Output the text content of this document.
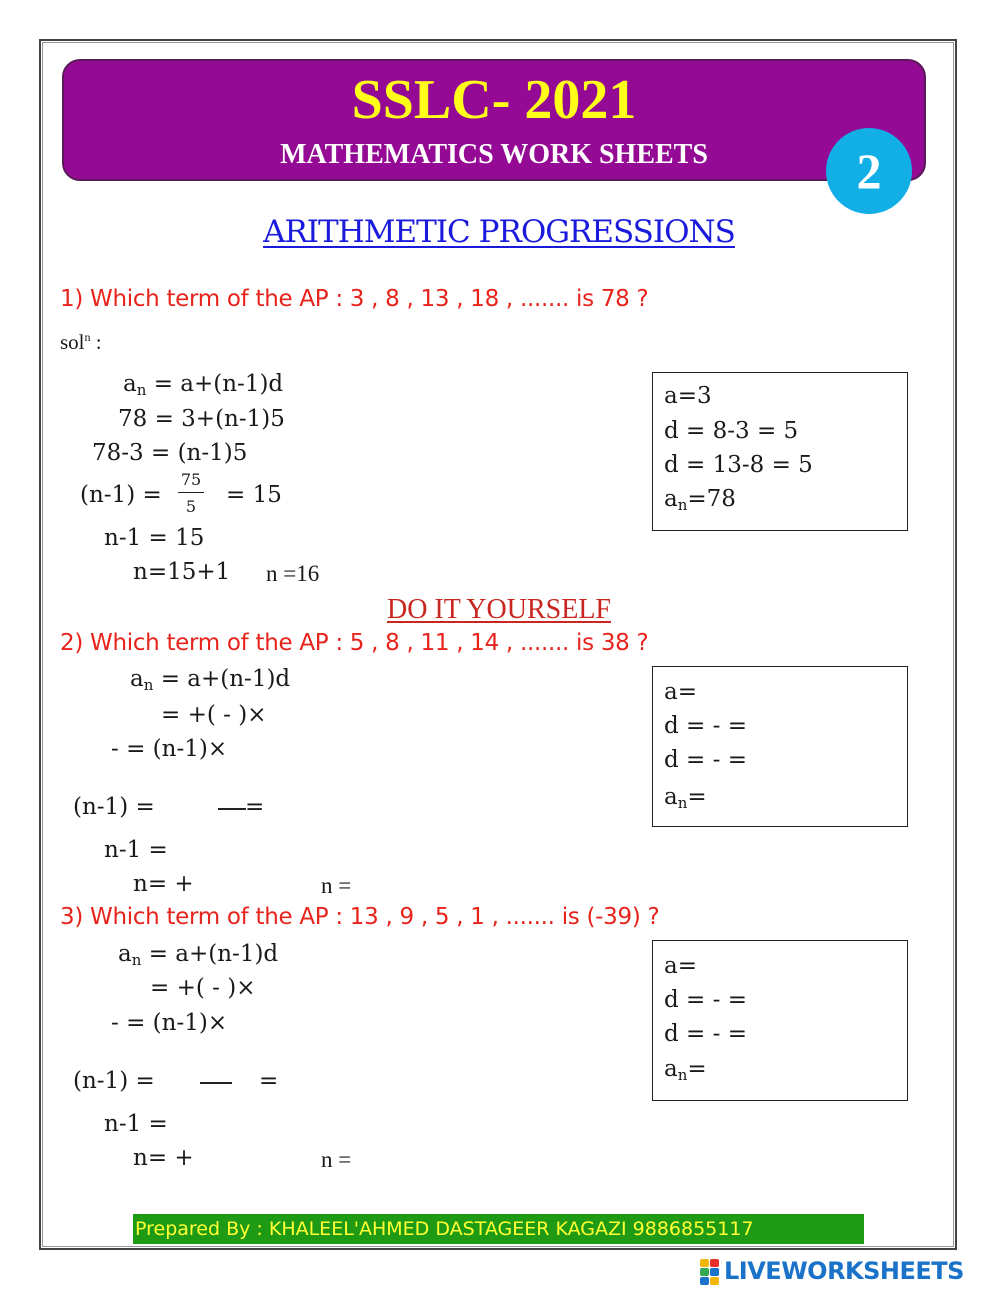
SSLC- 2021
MATHEMATICS WORK SHEETS	2
ARITHMETIC PROGRESSIONS
1) Which term of the AP : 3 , 8 , 13 , 18 , ....... is 78 ?
sol$^n$ :
$a_n = a+(n-1)d$
78 = 3+(n-1)5
78-3 = (n-1)5
(n-1) =
75
5	= 15
n-1 = 15
n=15+1 n =16
a=3
d = 8-3 = 5
d = 13-8 = 5
$a_n=78$
DO IT YOURSELF
2) Which term of the AP : 5 , 8 , 11 , 14 , ....... is 38 ?
$a_n = a+(n-1)d$
= +( - )×
- = (n-1)×
(n-1) =	=
n-1 =
n= +	n =
a=
d = - =
d = - =
$a_n=$
3) Which term of the AP : 13 , 9 , 5 , 1 , ....... is (-39) ?
$a_n = a+(n-1)d$
= +( - )×
- = (n-1)×
(n-1) =	=
n-1 =
n= +	n =
a=
d = - =
d = - =
$a_n=$
Prepared By : KHALEEL'AHMED DASTAGEER KAGAZI 9886855117
LIVEWORKSHEETS
